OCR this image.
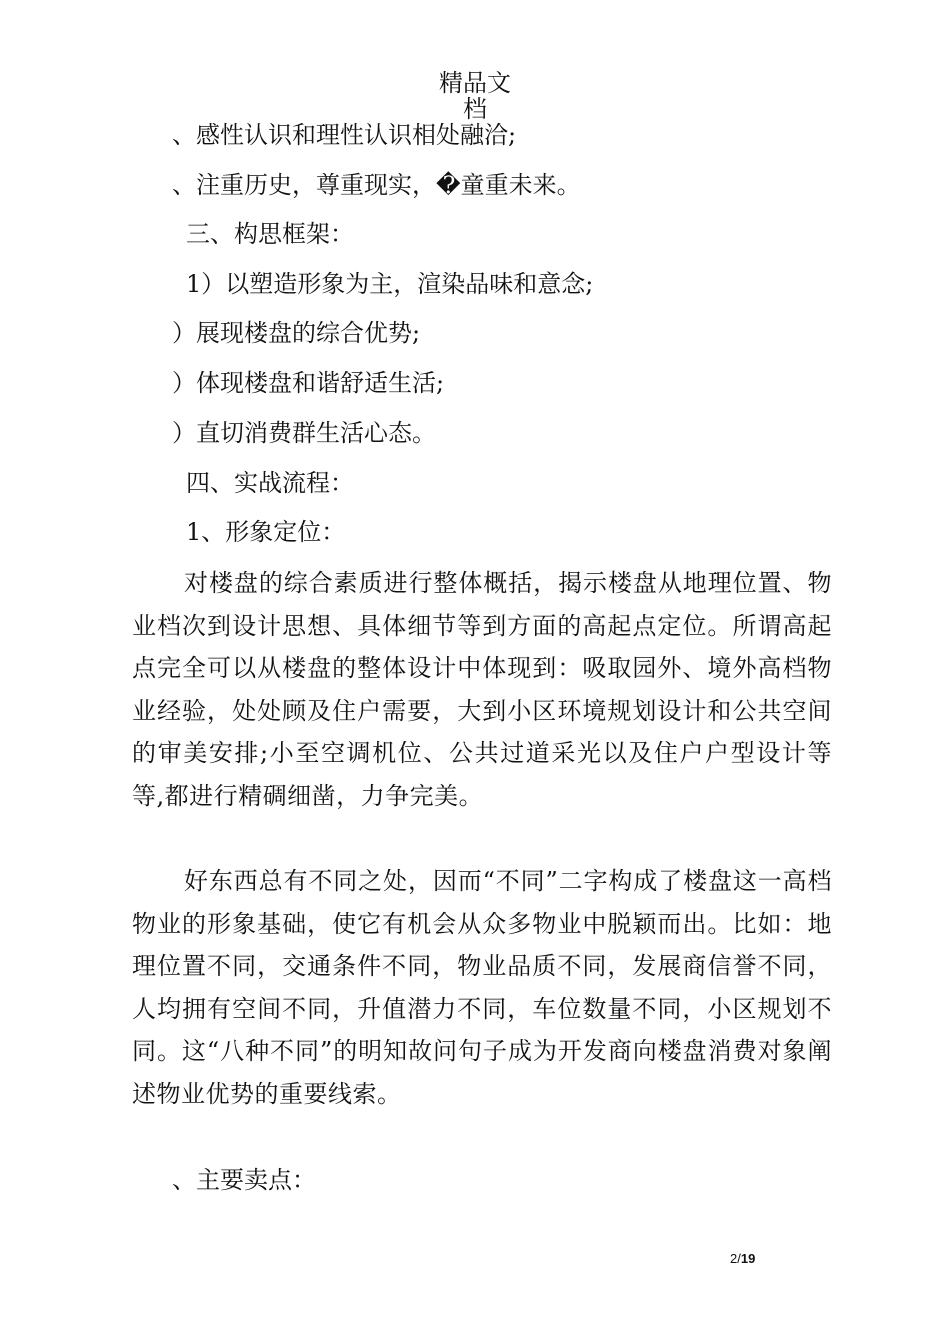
精品文
档
、感性认识和理性认识相处融洽;
、注重历史，尊重现实，�童重未来。
三、构思框架：
1）以塑造形象为主，渲染品味和意念;
）展现楼盘的综合优势;
）体现楼盘和谐舒适生活;
）直切消费群生活心态。
四、实战流程：
1、形象定位：
对楼盘的综合素质进行整体概括，揭示楼盘从地理位置、物业档次到设计思想、具体细节等到方面的高起点定位。所谓高起点完全可以从楼盘的整体设计中体现到：吸取园外、境外高档物业经验，处处顾及住户需要，大到小区环境规划设计和公共空间的审美安排;小至空调机位、公共过道采光以及住户户型设计等等,都进行精碉细凿，力争完美。
好东西总有不同之处，因而“不同”二字构成了楼盘这一高档物业的形象基础，使它有机会从众多物业中脱颖而出。比如：地理位置不同，交通条件不同，物业品质不同，发展商信誉不同，人均拥有空间不同，升值潜力不同，车位数量不同，小区规划不同。这“八种不同”的明知故问句子成为开发商向楼盘消费对象阐述物业优势的重要线索。
、主要卖点：
2/19
